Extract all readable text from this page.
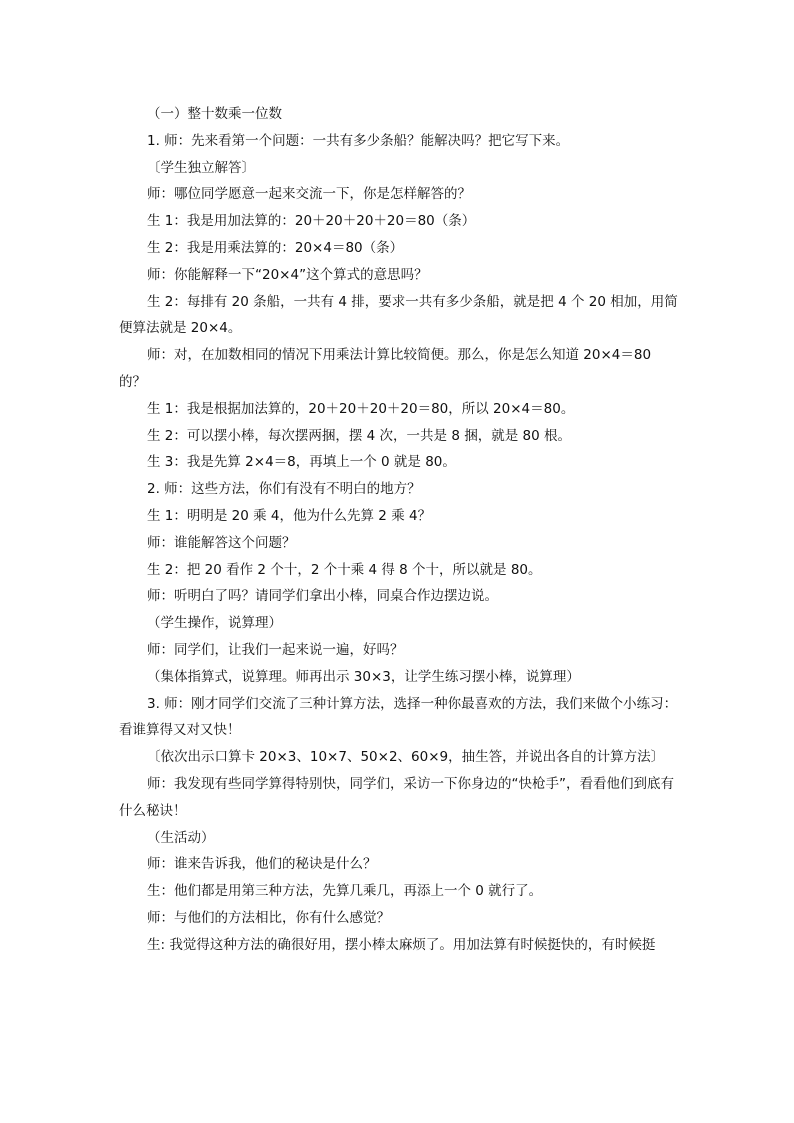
（一）整十数乘一位数

1. 师：先来看第一个问题：一共有多少条船？能解决吗？把它写下来。

〔学生独立解答〕

师：哪位同学愿意一起来交流一下，你是怎样解答的？

生 1：我是用加法算的：20＋20＋20＋20＝80（条）

生 2：我是用乘法算的：20×4＝80（条）

师：你能解释一下“20×4”这个算式的意思吗？

生 2：每排有 20 条船，一共有 4 排，要求一共有多少条船，就是把 4 个 20 相加，用简便算法就是 20×4。

师：对，在加数相同的情况下用乘法计算比较简便。那么，你是怎么知道 20×4＝80 的？

生 1：我是根据加法算的，20＋20＋20＋20＝80，所以 20×4＝80。

生 2：可以摆小棒，每次摆两捆，摆 4 次，一共是 8 捆，就是 80 根。

生 3：我是先算 2×4＝8，再填上一个 0 就是 80。

2. 师：这些方法，你们有没有不明白的地方？

生 1：明明是 20 乘 4，他为什么先算 2 乘 4？

师：谁能解答这个问题？

生 2：把 20 看作 2 个十，2 个十乘 4 得 8 个十，所以就是 80。

师：听明白了吗？请同学们拿出小棒，同桌合作边摆边说。

（学生操作，说算理）

师：同学们，让我们一起来说一遍，好吗？

（集体指算式，说算理。师再出示 30×3，让学生练习摆小棒，说算理）

3. 师：刚才同学们交流了三种计算方法，选择一种你最喜欢的方法，我们来做个小练习：看谁算得又对又快！

〔依次出示口算卡 20×3、10×7、50×2、60×9，抽生答，并说出各自的计算方法〕

师：我发现有些同学算得特别快，同学们，采访一下你身边的“快枪手”，看看他们到底有什么秘诀！

（生活动）

师：谁来告诉我，他们的秘诀是什么？

生：他们都是用第三种方法，先算几乘几，再添上一个 0 就行了。

师：与他们的方法相比，你有什么感觉？

生: 我觉得这种方法的确很好用，摆小棒太麻烦了。用加法算有时候挺快的，有时候挺
